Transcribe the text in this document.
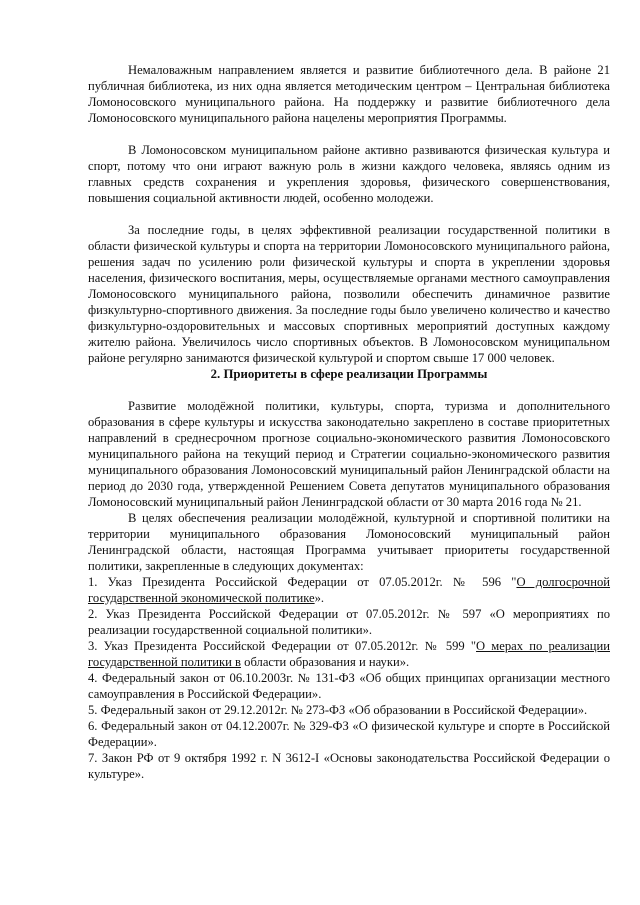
Немаловажным направлением является и развитие библиотечного дела. В районе 21 публичная библиотека, из них одна является методическим центром – Центральная библиотека Ломоносовского муниципального района. На поддержку и развитие библиотечного дела Ломоносовского муниципального района нацелены мероприятия Программы.

В Ломоносовском муниципальном районе активно развиваются физическая культура и спорт, потому что они играют важную роль в жизни каждого человека, являясь одним из главных средств сохранения и укрепления здоровья, физического совершенствования, повышения социальной активности людей, особенно молодежи.

За последние годы, в целях эффективной реализации государственной политики в области физической культуры и спорта на территории Ломоносовского муниципального района, решения задач по усилению роли физической культуры и спорта в укреплении здоровья населения, физического воспитания, меры, осуществляемые органами местного самоуправления Ломоносовского муниципального района, позволили обеспечить динамичное развитие физкультурно-спортивного движения. За последние годы было увеличено количество и качество физкультурно-оздоровительных и массовых спортивных мероприятий доступных каждому жителю района. Увеличилось число спортивных объектов. В Ломоносовском муниципальном районе регулярно занимаются физической культурой и спортом свыше 17 000 человек.

2. Приоритеты в сфере реализации Программы

Развитие молодёжной политики, культуры, спорта, туризма и дополнительного образования в сфере культуры и искусства законодательно закреплено в составе приоритетных направлений в среднесрочном прогнозе социально-экономического развития Ломоносовского муниципального района на текущий период и Стратегии социально-экономического развития муниципального образования Ломоносовский муниципальный район Ленинградской области на период до 2030 года, утвержденной Решением Совета депутатов муниципального образования Ломоносовский муниципальный район Ленинградской области от 30 марта 2016 года № 21.

В целях обеспечения реализации молодёжной, культурной и спортивной политики на территории муниципального образования Ломоносовский муниципальный район Ленинградской области, настоящая Программа учитывает приоритеты государственной политики, закрепленные в следующих документах:

1. Указ Президента Российской Федерации от 07.05.2012г. № 596 "О долгосрочной государственной экономической политике».

2. Указ Президента Российской Федерации от 07.05.2012г. № 597 «О мероприятиях по реализации государственной социальной политики».

3. Указ Президента Российской Федерации от 07.05.2012г. № 599 "О мерах по реализации государственной политики в области образования и науки».

4. Федеральный закон от 06.10.2003г. № 131-ФЗ «Об общих принципах организации местного самоуправления в Российской Федерации».

5. Федеральный закон от 29.12.2012г. № 273-ФЗ «Об образовании в Российской Федерации».

6. Федеральный закон от 04.12.2007г. № 329-ФЗ «О физической культуре и спорте в Российской Федерации».

7. Закон РФ от 9 октября 1992 г. N 3612-I «Основы законодательства Российской Федерации о культуре».
